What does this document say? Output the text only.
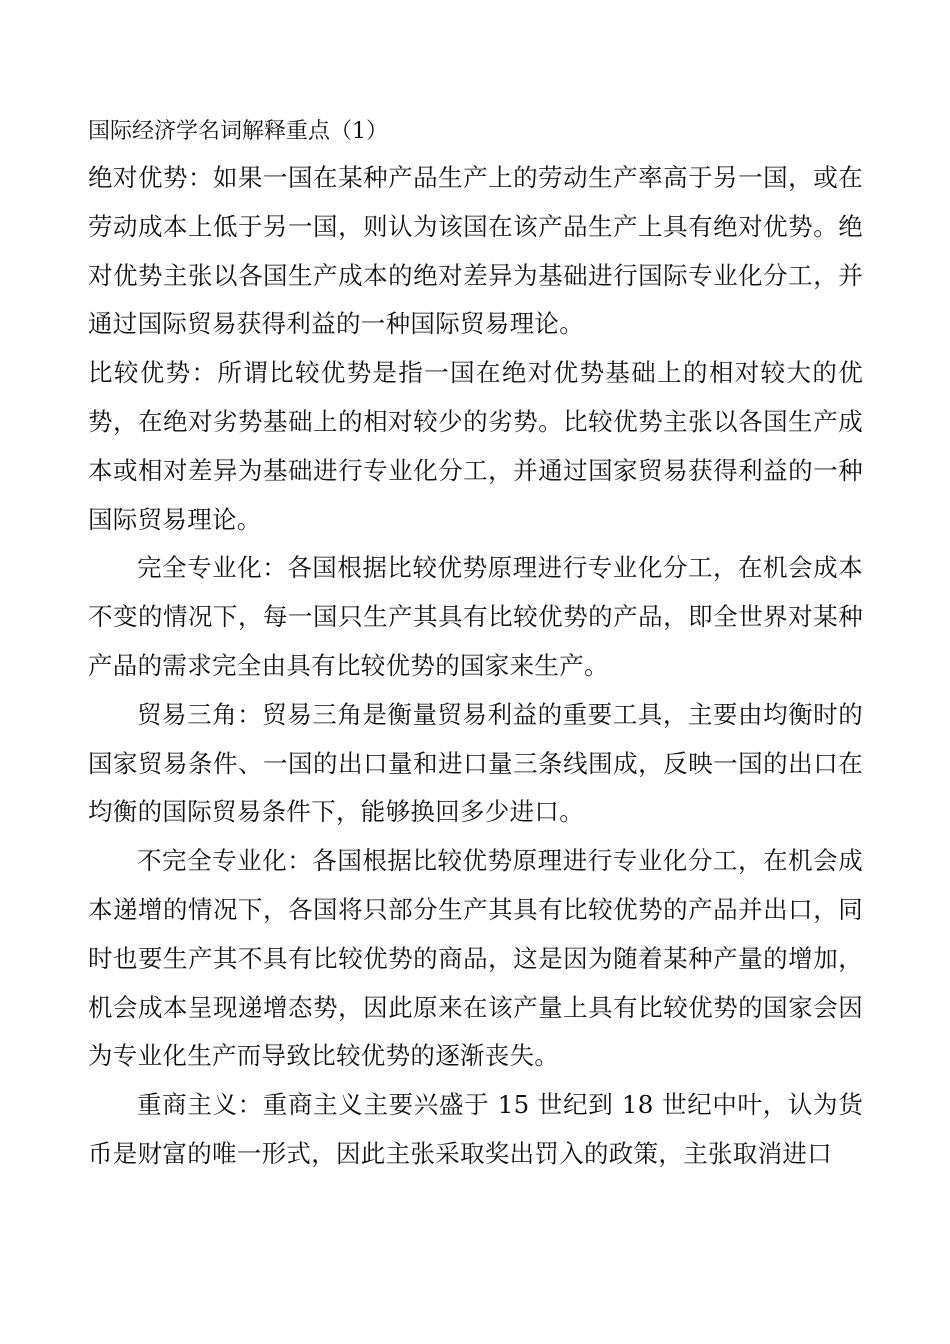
国际经济学名词解释重点（1）

绝对优势：如果一国在某种产品生产上的劳动生产率高于另一国，或在劳动成本上低于另一国，则认为该国在该产品生产上具有绝对优势。绝对优势主张以各国生产成本的绝对差异为基础进行国际专业化分工，并通过国际贸易获得利益的一种国际贸易理论。

比较优势：所谓比较优势是指一国在绝对优势基础上的相对较大的优势，在绝对劣势基础上的相对较少的劣势。比较优势主张以各国生产成本或相对差异为基础进行专业化分工，并通过国家贸易获得利益的一种国际贸易理论。

完全专业化：各国根据比较优势原理进行专业化分工，在机会成本不变的情况下，每一国只生产其具有比较优势的产品，即全世界对某种产品的需求完全由具有比较优势的国家来生产。

贸易三角：贸易三角是衡量贸易利益的重要工具，主要由均衡时的国家贸易条件、一国的出口量和进口量三条线围成，反映一国的出口在均衡的国际贸易条件下，能够换回多少进口。

不完全专业化：各国根据比较优势原理进行专业化分工，在机会成本递增的情况下，各国将只部分生产其具有比较优势的产品并出口，同时也要生产其不具有比较优势的商品，这是因为随着某种产量的增加，机会成本呈现递增态势，因此原来在该产量上具有比较优势的国家会因为专业化生产而导致比较优势的逐渐丧失。

重商主义：重商主义主要兴盛于 15 世纪到 18 世纪中叶，认为货币是财富的唯一形式，因此主张采取奖出罚入的政策，主张取消进口
